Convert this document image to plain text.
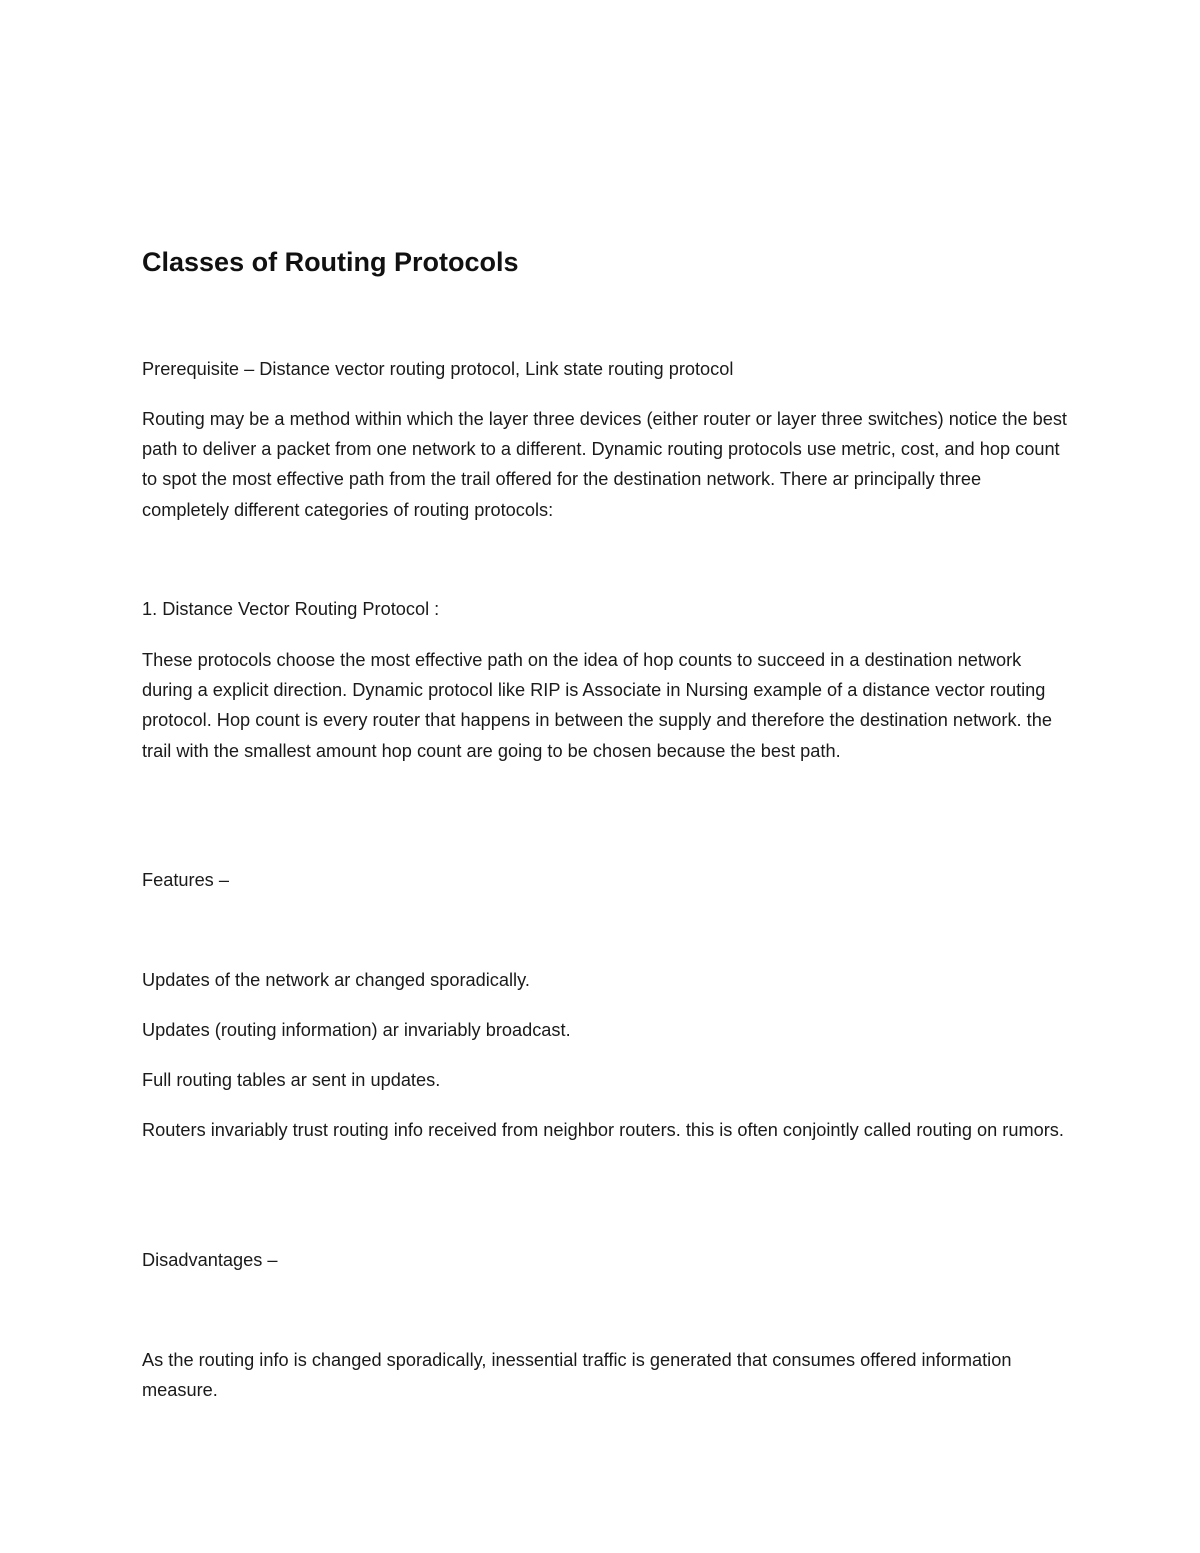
Classes of Routing Protocols

Prerequisite – Distance vector routing protocol, Link state routing protocol

Routing may be a method within which the layer three devices (either router or layer three switches) notice the best path to deliver a packet from one network to a different. Dynamic routing protocols use metric, cost, and hop count to spot the most effective path from the trail offered for the destination network. There ar principally three completely different categories of routing protocols:

1. Distance Vector Routing Protocol :

These protocols choose the most effective path on the idea of hop counts to succeed in a destination network during a explicit direction. Dynamic protocol like RIP is Associate in Nursing example of a distance vector routing protocol. Hop count is every router that happens in between the supply and therefore the destination network. the trail with the smallest amount hop count are going to be chosen because the best path.

Features –

Updates of the network ar changed sporadically.

Updates (routing information) ar invariably broadcast.

Full routing tables ar sent in updates.

Routers invariably trust routing info received from neighbor routers. this is often conjointly called routing on rumors.

Disadvantages –

As the routing info is changed sporadically, inessential traffic is generated that consumes offered information measure.
